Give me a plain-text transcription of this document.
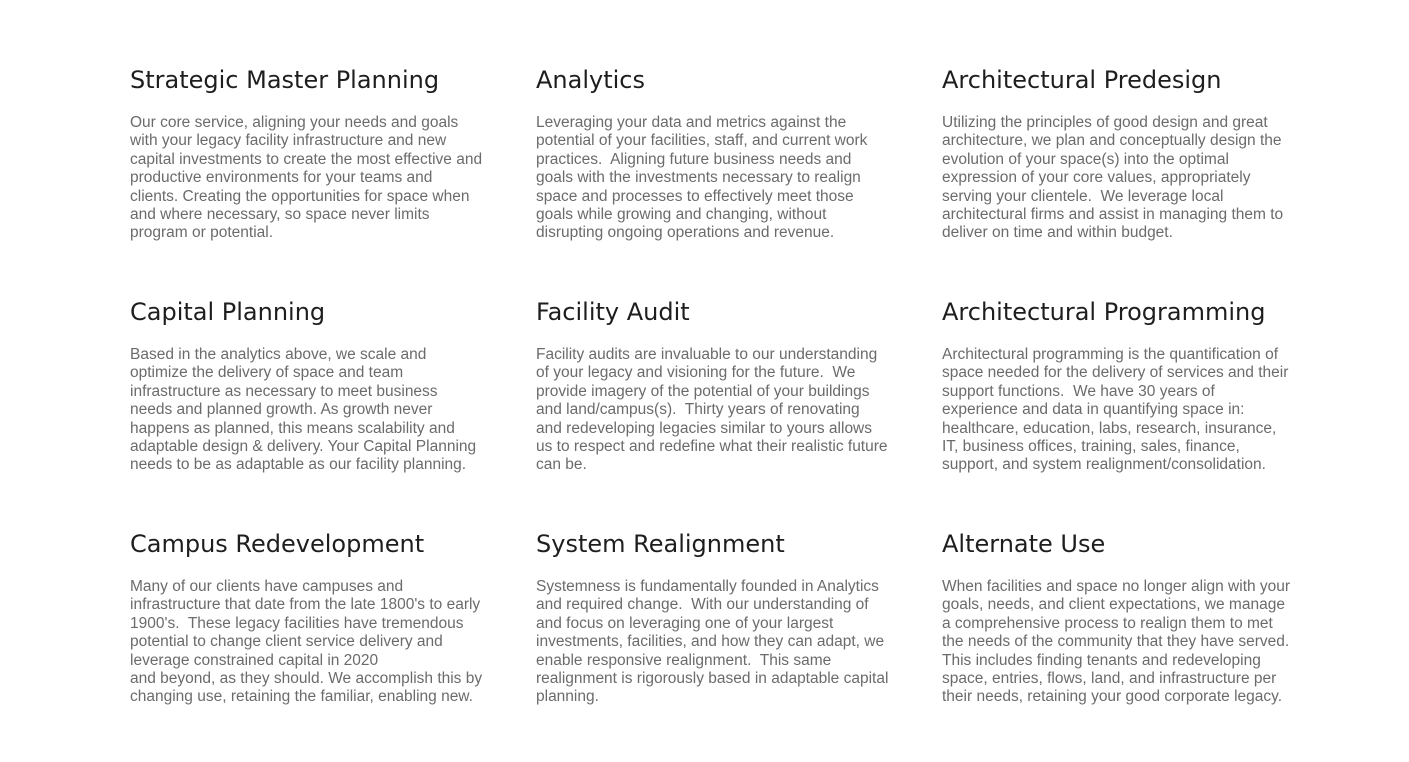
Strategic Master Planning
Our core service, aligning your needs and goals
with your legacy facility infrastructure and new
capital investments to create the most effective and
productive environments for your teams and
clients. Creating the opportunities for space when
and where necessary, so space never limits
program or potential.
Analytics
Leveraging your data and metrics against the
potential of your facilities, staff, and current work
practices.  Aligning future business needs and
goals with the investments necessary to realign
space and processes to effectively meet those
goals while growing and changing, without
disrupting ongoing operations and revenue.
Architectural Predesign
Utilizing the principles of good design and great
architecture, we plan and conceptually design the
evolution of your space(s) into the optimal
expression of your core values, appropriately
serving your clientele.  We leverage local
architectural firms and assist in managing them to
deliver on time and within budget.
Capital Planning
Based in the analytics above, we scale and
optimize the delivery of space and team
infrastructure as necessary to meet business
needs and planned growth. As growth never
happens as planned, this means scalability and
adaptable design & delivery. Your Capital Planning
needs to be as adaptable as our facility planning.
Facility Audit
Facility audits are invaluable to our understanding
of your legacy and visioning for the future.  We
provide imagery of the potential of your buildings
and land/campus(s).  Thirty years of renovating
and redeveloping legacies similar to yours allows
us to respect and redefine what their realistic future
can be.
Architectural Programming
Architectural programming is the quantification of
space needed for the delivery of services and their
support functions.  We have 30 years of
experience and data in quantifying space in:
healthcare, education, labs, research, insurance,
IT, business offices, training, sales, finance,
support, and system realignment/consolidation.
Campus Redevelopment
Many of our clients have campuses and
infrastructure that date from the late 1800's to early
1900's.  These legacy facilities have tremendous
potential to change client service delivery and
leverage constrained capital in 2020
and beyond, as they should. We accomplish this by
changing use, retaining the familiar, enabling new.
System Realignment
Systemness is fundamentally founded in Analytics
and required change.  With our understanding of
and focus on leveraging one of your largest
investments, facilities, and how they can adapt, we
enable responsive realignment.  This same
realignment is rigorously based in adaptable capital
planning.
Alternate Use
When facilities and space no longer align with your
goals, needs, and client expectations, we manage
a comprehensive process to realign them to met
the needs of the community that they have served.
This includes finding tenants and redeveloping
space, entries, flows, land, and infrastructure per
their needs, retaining your good corporate legacy.
